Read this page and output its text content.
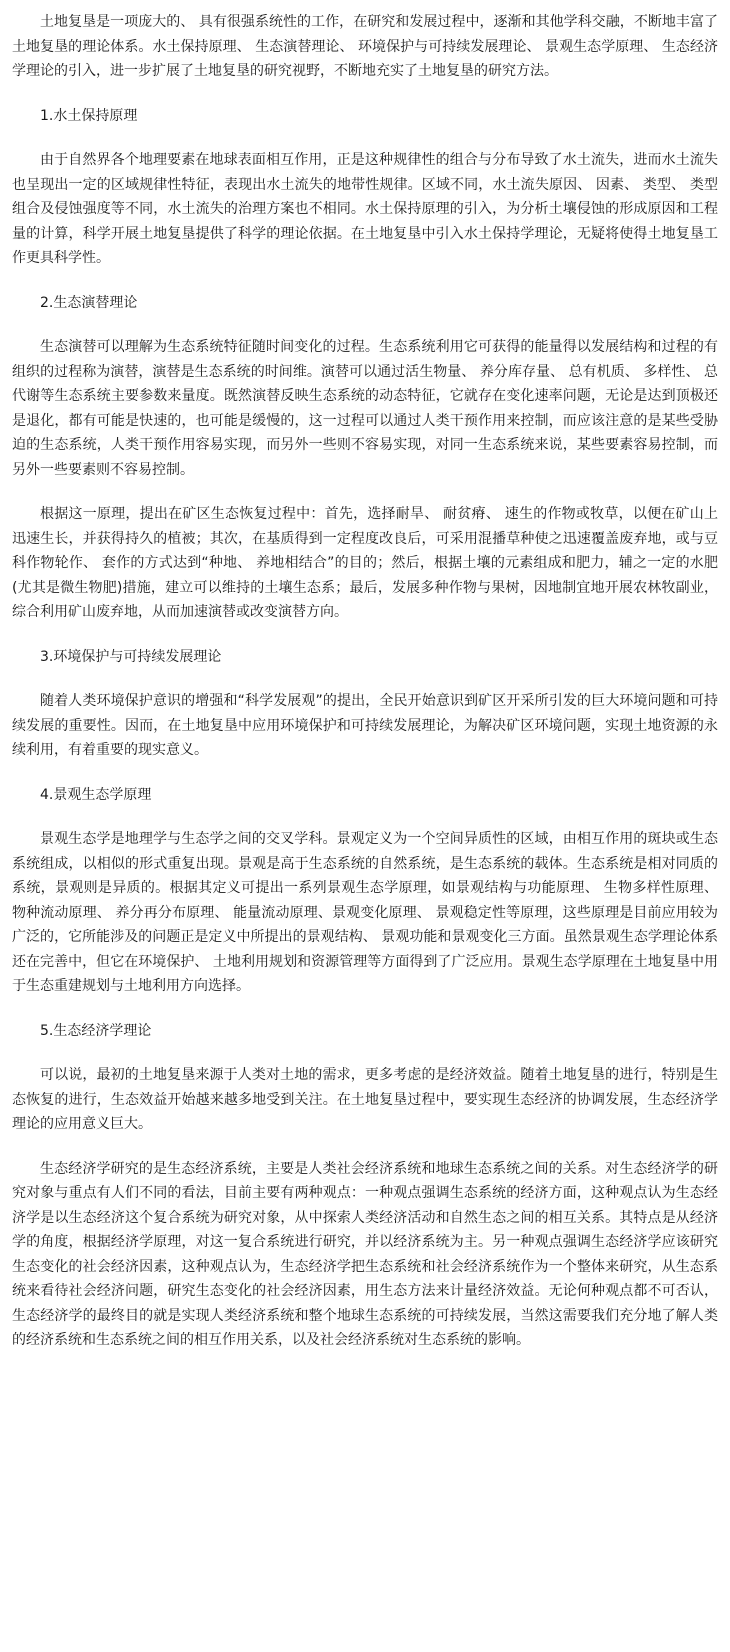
土地复垦是一项庞大的、 具有很强系统性的工作，在研究和发展过程中，逐渐和其他学科交融，不断地丰富了土地复垦的理论体系。水土保持原理、 生态演替理论、 环境保护与可持续发展理论、 景观生态学原理、 生态经济学理论的引入，进一步扩展了土地复垦的研究视野，不断地充实了土地复垦的研究方法。

1.水土保持原理

由于自然界各个地理要素在地球表面相互作用，正是这种规律性的组合与分布导致了水土流失，进而水土流失也呈现出一定的区域规律性特征，表现出水土流失的地带性规律。区域不同，水土流失原因、 因素、 类型、 类型组合及侵蚀强度等不同，水土流失的治理方案也不相同。水土保持原理的引入，为分析土壤侵蚀的形成原因和工程量的计算，科学开展土地复垦提供了科学的理论依据。在土地复垦中引入水土保持学理论，无疑将使得土地复垦工作更具科学性。

2.生态演替理论

生态演替可以理解为生态系统特征随时间变化的过程。生态系统利用它可获得的能量得以发展结构和过程的有组织的过程称为演替，演替是生态系统的时间维。演替可以通过活生物量、 养分库存量、 总有机质、 多样性、 总代谢等生态系统主要参数来量度。既然演替反映生态系统的动态特征，它就存在变化速率问题，无论是达到顶极还是退化，都有可能是快速的，也可能是缓慢的，这一过程可以通过人类干预作用来控制，而应该注意的是某些受胁迫的生态系统，人类干预作用容易实现，而另外一些则不容易实现，对同一生态系统来说，某些要素容易控制，而另外一些要素则不容易控制。

根据这一原理，提出在矿区生态恢复过程中：首先，选择耐旱、 耐贫瘠、 速生的作物或牧草，以便在矿山上迅速生长，并获得持久的植被；其次，在基质得到一定程度改良后，可采用混播草种使之迅速覆盖废弃地，或与豆科作物轮作、 套作的方式达到“种地、 养地相结合”的目的；然后，根据土壤的元素组成和肥力，辅之一定的水肥(尤其是微生物肥)措施，建立可以维持的土壤生态系；最后，发展多种作物与果树，因地制宜地开展农林牧副业，综合利用矿山废弃地，从而加速演替或改变演替方向。

3.环境保护与可持续发展理论

随着人类环境保护意识的增强和“科学发展观”的提出，全民开始意识到矿区开采所引发的巨大环境问题和可持续发展的重要性。因而，在土地复垦中应用环境保护和可持续发展理论，为解决矿区环境问题，实现土地资源的永续利用，有着重要的现实意义。

4.景观生态学原理

景观生态学是地理学与生态学之间的交叉学科。景观定义为一个空间异质性的区域，由相互作用的斑块或生态系统组成，以相似的形式重复出现。景观是高于生态系统的自然系统，是生态系统的载体。生态系统是相对同质的系统，景观则是异质的。根据其定义可提出一系列景观生态学原理，如景观结构与功能原理、 生物多样性原理、 物种流动原理、 养分再分布原理、 能量流动原理、景观变化原理、 景观稳定性等原理，这些原理是目前应用较为广泛的，它所能涉及的问题正是定义中所提出的景观结构、 景观功能和景观变化三方面。虽然景观生态学理论体系还在完善中，但它在环境保护、 土地利用规划和资源管理等方面得到了广泛应用。景观生态学原理在土地复垦中用于生态重建规划与土地利用方向选择。

5.生态经济学理论

可以说，最初的土地复垦来源于人类对土地的需求，更多考虑的是经济效益。随着土地复垦的进行，特别是生态恢复的进行，生态效益开始越来越多地受到关注。在土地复垦过程中，要实现生态经济的协调发展，生态经济学理论的应用意义巨大。

生态经济学研究的是生态经济系统，主要是人类社会经济系统和地球生态系统之间的关系。对生态经济学的研究对象与重点有人们不同的看法，目前主要有两种观点：一种观点强调生态系统的经济方面，这种观点认为生态经济学是以生态经济这个复合系统为研究对象，从中探索人类经济活动和自然生态之间的相互关系。其特点是从经济学的角度，根据经济学原理，对这一复合系统进行研究，并以经济系统为主。另一种观点强调生态经济学应该研究生态变化的社会经济因素，这种观点认为，生态经济学把生态系统和社会经济系统作为一个整体来研究，从生态系统来看待社会经济问题，研究生态变化的社会经济因素，用生态方法来计量经济效益。无论何种观点都不可否认，生态经济学的最终目的就是实现人类经济系统和整个地球生态系统的可持续发展，当然这需要我们充分地了解人类的经济系统和生态系统之间的相互作用关系，以及社会经济系统对生态系统的影响。
